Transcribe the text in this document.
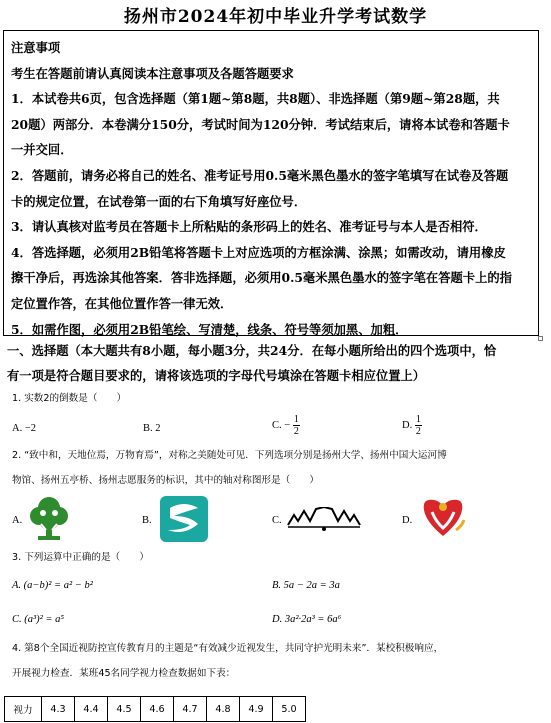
扬州市2024年初中毕业升学考试数学

注意事项

考生在答题前请认真阅读本注意事项及各题答题要求

1．本试卷共6页，包含选择题（第1题~第8题，共8题）、非选择题（第9题~第28题，共

20题）两部分．本卷满分150分，考试时间为120分钟．考试结束后，请将本试卷和答题卡

一并交回．

2．答题前，请务必将自己的姓名、准考证号用0.5毫米黑色墨水的签字笔填写在试卷及答题

卡的规定位置，在试卷第一面的右下角填写好座位号．

3．请认真核对监考员在答题卡上所粘贴的条形码上的姓名、准考证号与本人是否相符．

4．答选择题，必须用2B铅笔将答题卡上对应选项的方框涂满、涂黑；如需改动，请用橡皮

擦干净后，再选涂其他答案．答非选择题，必须用0.5毫米黑色墨水的签字笔在答题卡上的指

定位置作答，在其他位置作答一律无效．

5．如需作图，必须用2B铅笔绘、写清楚，线条、符号等须加黑、加粗．

一、选择题（本大题共有8小题，每小题3分，共24分．在每小题所给出的四个选项中，恰
有一项是符合题目要求的，请将该选项的字母代号填涂在答题卡相应位置上）

1. 实数2的倒数是（　　）

A. −2	B. 2	C. − $\frac{1}{2}$	D. $\frac{1}{2}$

2. “致中和，天地位焉，万物育焉”，对称之美随处可见．下列选项分别是扬州大学、扬州中国大运河博

物馆、扬州五亭桥、扬州志愿服务的标识，其中的轴对称图形是（　　）

A.	B.	C.	D.

3. 下列运算中正确的是（　　）

A. (a−b)² = a² − b²	B. 5a − 2a = 3a
C. (a³)² = a⁵	D. 3a²·2a³ = 6a⁶

4. 第8个全国近视防控宣传教育月的主题是“有效减少近视发生，共同守护光明未来”．某校积极响应，

开展视力检查．某班45名同学视力检查数据如下表：

视力	4.3	4.4	4.5	4.6	4.7	4.8	4.9	5.0
